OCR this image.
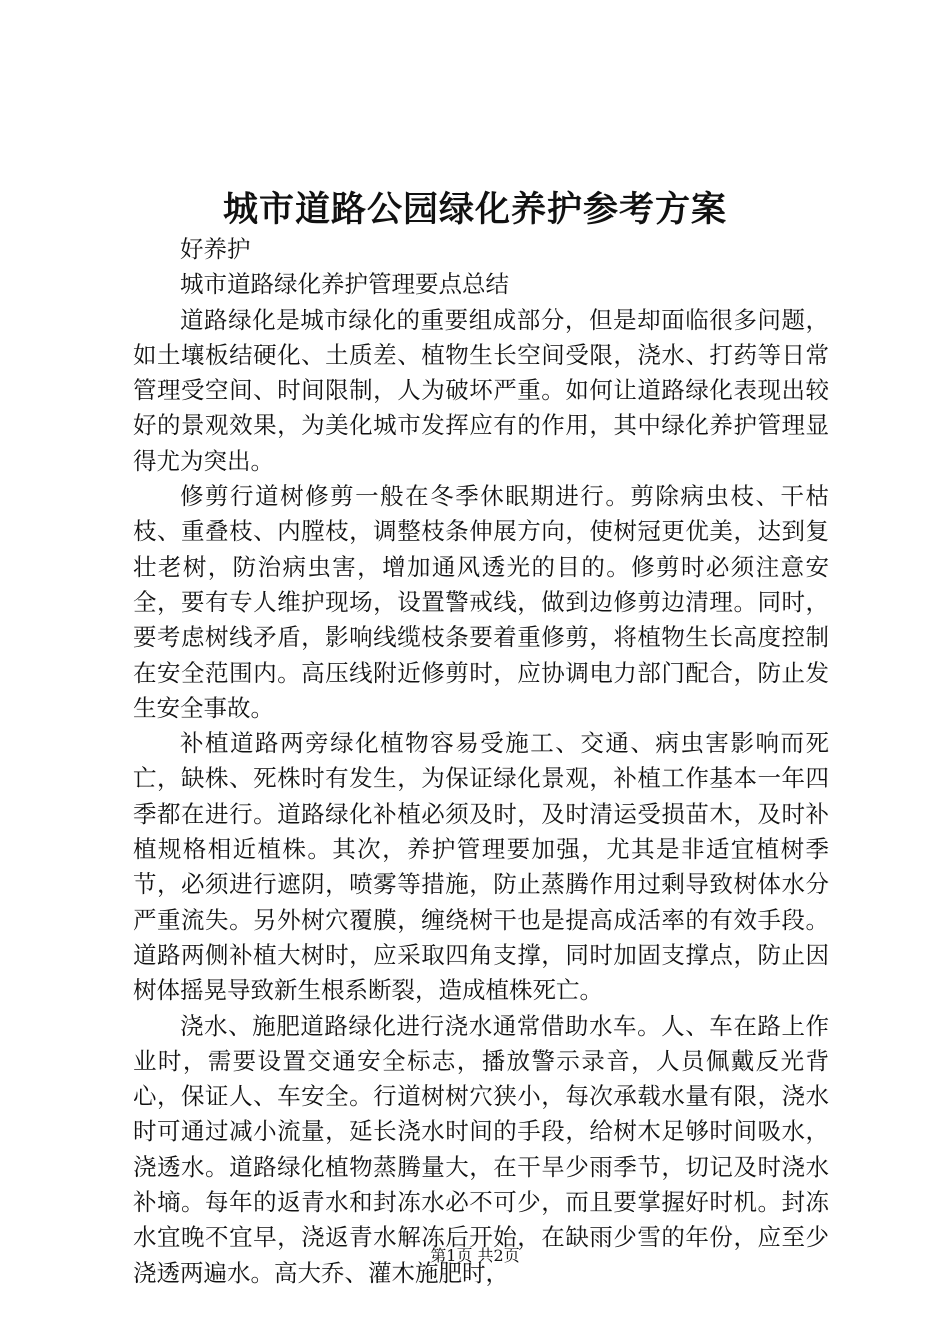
城市道路公园绿化养护参考方案

好养护

城市道路绿化养护管理要点总结

道路绿化是城市绿化的重要组成部分，但是却面临很多问题，如土壤板结硬化、土质差、植物生长空间受限，浇水、打药等日常管理受空间、时间限制，人为破坏严重。如何让道路绿化表现出较好的景观效果，为美化城市发挥应有的作用，其中绿化养护管理显得尤为突出。

修剪行道树修剪一般在冬季休眠期进行。剪除病虫枝、干枯枝、重叠枝、内膛枝，调整枝条伸展方向，使树冠更优美，达到复壮老树，防治病虫害，增加通风透光的目的。修剪时必须注意安全，要有专人维护现场，设置警戒线，做到边修剪边清理。同时，要考虑树线矛盾，影响线缆枝条要着重修剪，将植物生长高度控制在安全范围内。高压线附近修剪时，应协调电力部门配合，防止发生安全事故。

补植道路两旁绿化植物容易受施工、交通、病虫害影响而死亡，缺株、死株时有发生，为保证绿化景观，补植工作基本一年四季都在进行。道路绿化补植必须及时，及时清运受损苗木，及时补植规格相近植株。其次，养护管理要加强，尤其是非适宜植树季节，必须进行遮阴，喷雾等措施，防止蒸腾作用过剩导致树体水分严重流失。另外树穴覆膜，缠绕树干也是提高成活率的有效手段。道路两侧补植大树时，应采取四角支撑，同时加固支撑点，防止因树体摇晃导致新生根系断裂，造成植株死亡。

浇水、施肥道路绿化进行浇水通常借助水车。人、车在路上作业时，需要设置交通安全标志，播放警示录音，人员佩戴反光背心，保证人、车安全。行道树树穴狭小，每次承载水量有限，浇水时可通过减小流量，延长浇水时间的手段，给树木足够时间吸水，浇透水。道路绿化植物蒸腾量大，在干旱少雨季节，切记及时浇水补墒。每年的返青水和封冻水必不可少，而且要掌握好时机。封冻水宜晚不宜早，浇返青水解冻后开始，在缺雨少雪的年份，应至少浇透两遍水。高大乔、灌木施肥时，

第1页 共2页
